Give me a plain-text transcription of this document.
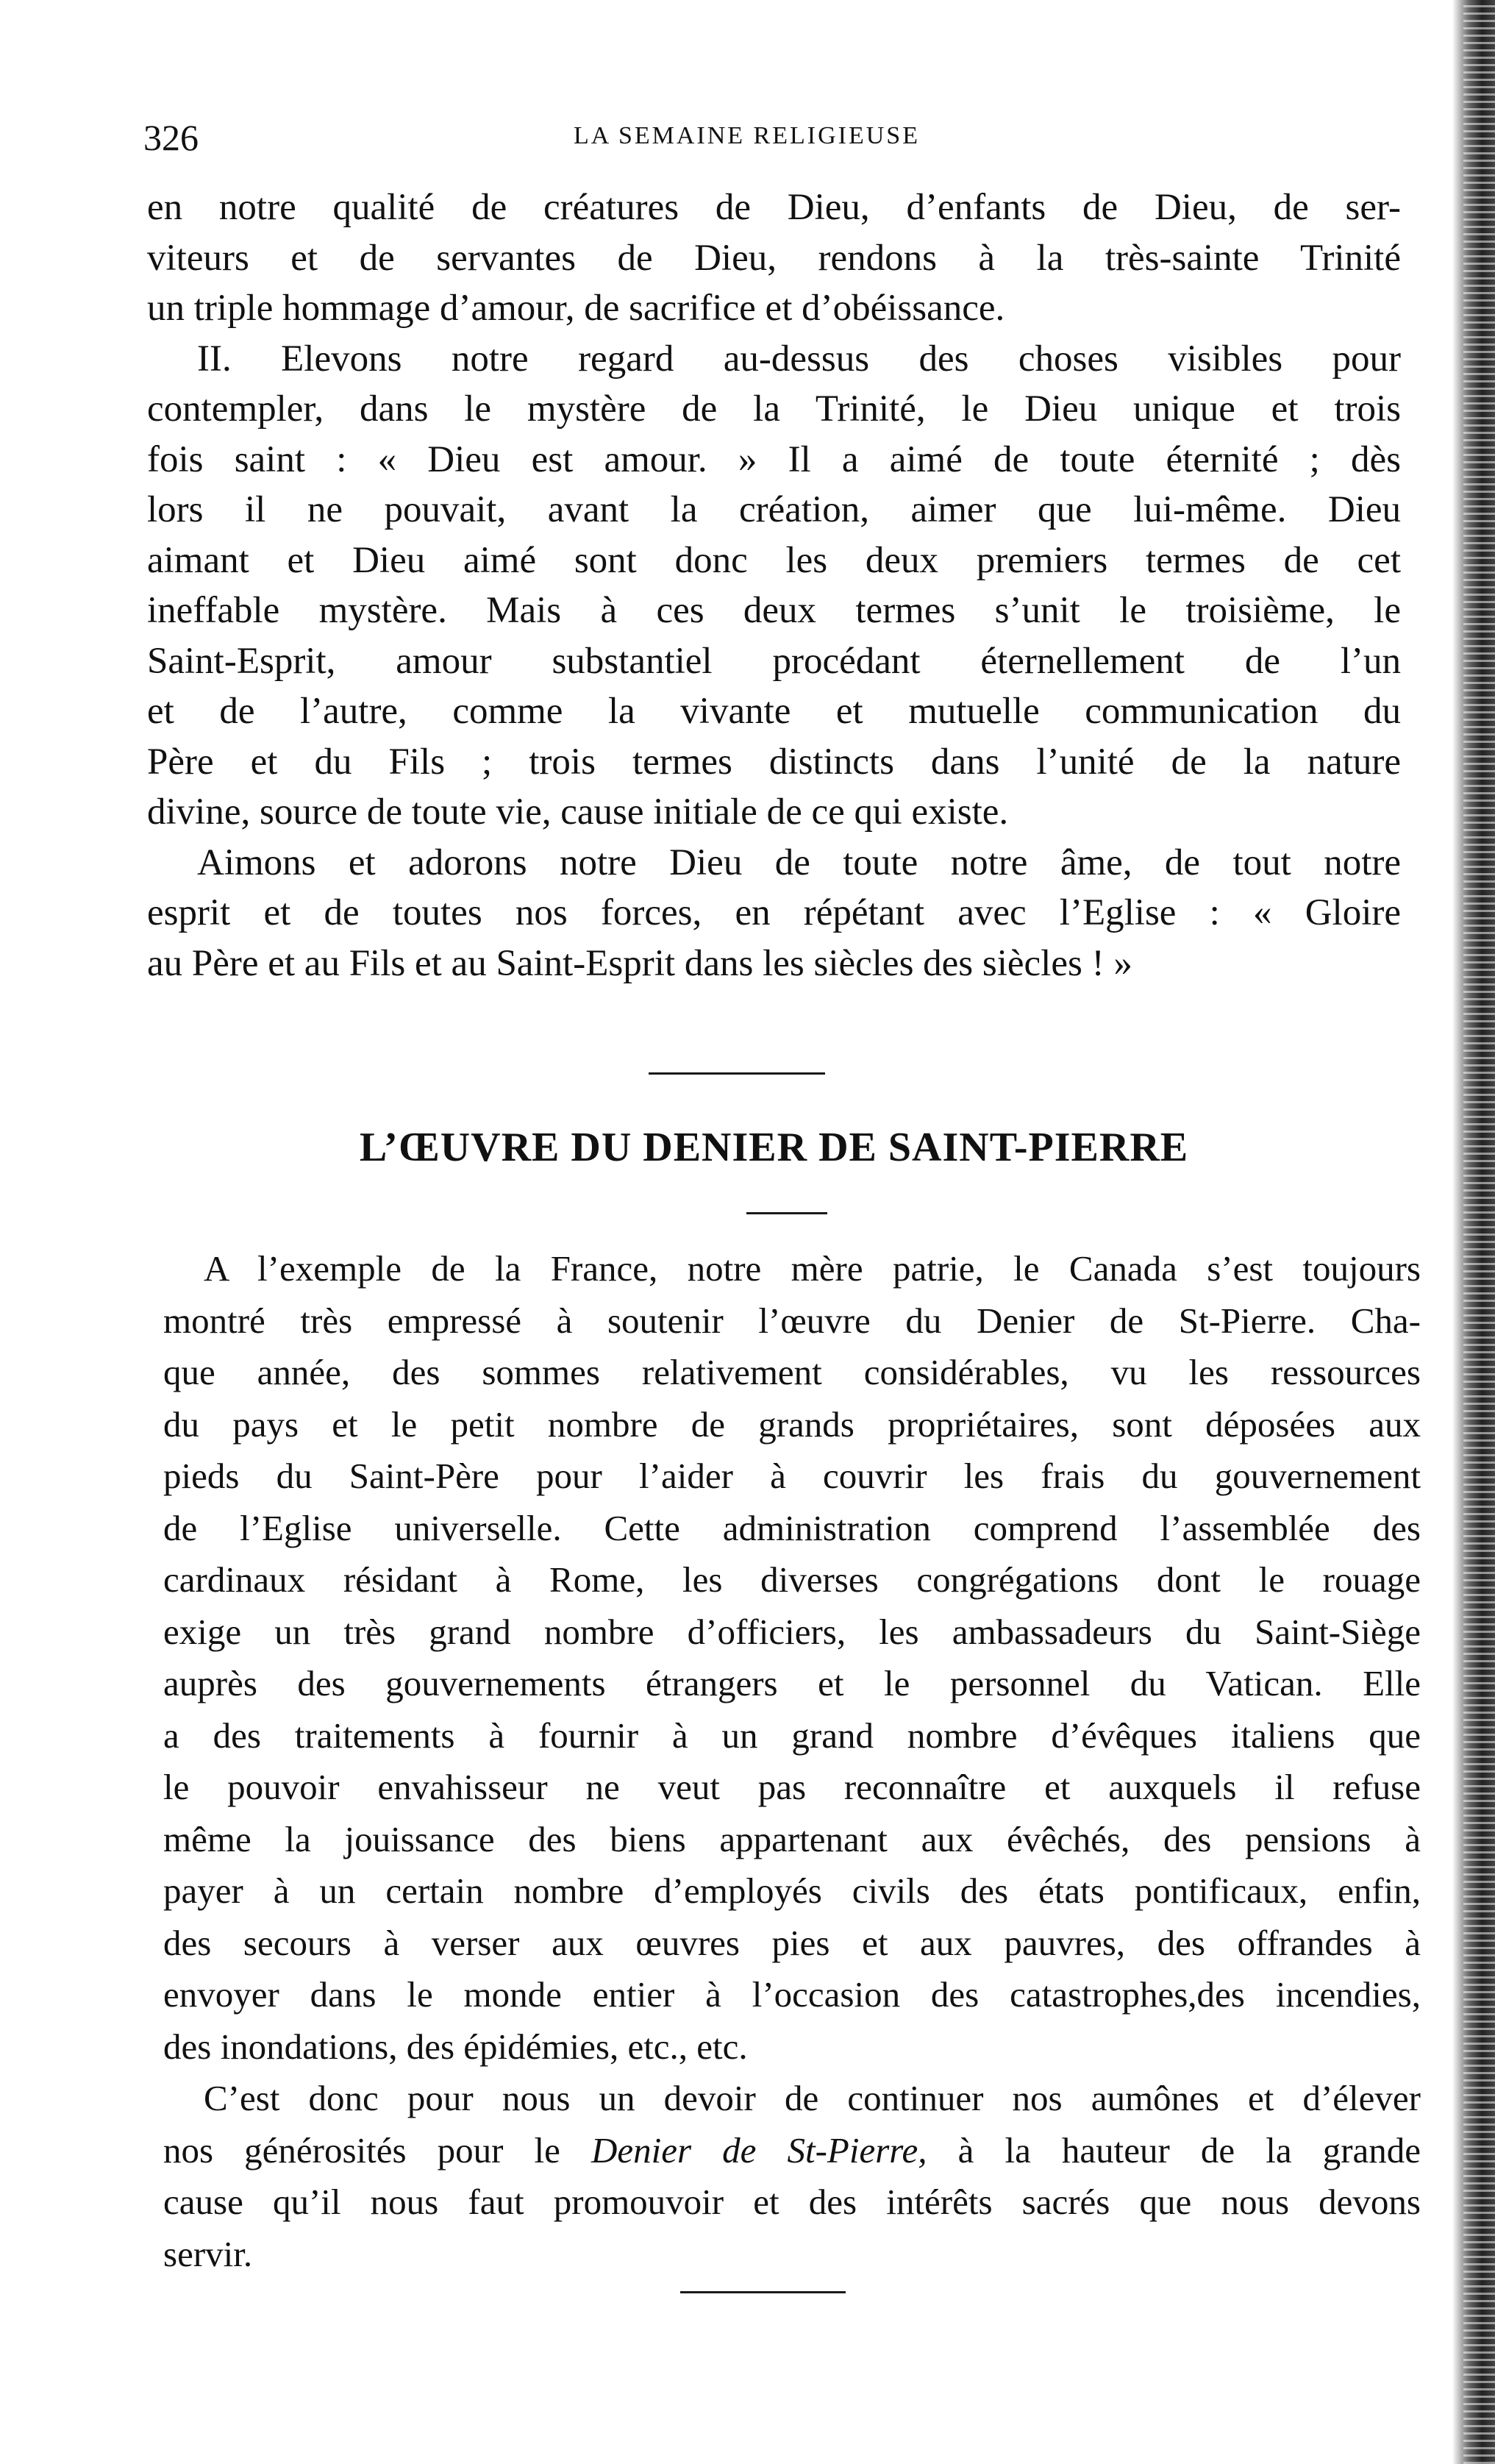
326	LA SEMAINE RELIGIEUSE

en notre qualité de créatures de Dieu, d’enfants de Dieu, de ser-
viteurs et de servantes de Dieu, rendons à la très-sainte Trinité
un triple hommage d’amour, de sacrifice et d’obéissance.

II. Elevons notre regard au-dessus des choses visibles pour
contempler, dans le mystère de la Trinité, le Dieu unique et trois
fois saint : « Dieu est amour. » Il a aimé de toute éternité ; dès
lors il ne pouvait, avant la création, aimer que lui-même. Dieu
aimant et Dieu aimé sont donc les deux premiers termes de cet
ineffable mystère. Mais à ces deux termes s’unit le troisième, le
Saint-Esprit, amour substantiel procédant éternellement de l’un
et de l’autre, comme la vivante et mutuelle communication du
Père et du Fils ; trois termes distincts dans l’unité de la nature
divine, source de toute vie, cause initiale de ce qui existe.

Aimons et adorons notre Dieu de toute notre âme, de tout notre
esprit et de toutes nos forces, en répétant avec l’Eglise : « Gloire
au Père et au Fils et au Saint-Esprit dans les siècles des siècles ! »

L’ŒUVRE DU DENIER DE SAINT-PIERRE

A l’exemple de la France, notre mère patrie, le Canada s’est toujours
montré très empressé à soutenir l’œuvre du Denier de St-Pierre. Cha-
que année, des sommes relativement considérables, vu les ressources
du pays et le petit nombre de grands propriétaires, sont déposées aux
pieds du Saint-Père pour l’aider à couvrir les frais du gouvernement
de l’Eglise universelle. Cette administration comprend l’assemblée des
cardinaux résidant à Rome, les diverses congrégations dont le rouage
exige un très grand nombre d’officiers, les ambassadeurs du Saint-Siège
auprès des gouvernements étrangers et le personnel du Vatican. Elle
a des traitements à fournir à un grand nombre d’évêques italiens que
le pouvoir envahisseur ne veut pas reconnaître et auxquels il refuse
même la jouissance des biens appartenant aux évêchés, des pensions à
payer à un certain nombre d’employés civils des états pontificaux, enfin,
des secours à verser aux œuvres pies et aux pauvres, des offrandes à
envoyer dans le monde entier à l’occasion des catastrophes,des incendies,
des inondations, des épidémies, etc., etc.

C’est donc pour nous un devoir de continuer nos aumônes et d’élever
nos générosités pour le Denier de St-Pierre, à la hauteur de la grande
cause qu’il nous faut promouvoir et des intérêts sacrés que nous devons
servir.
